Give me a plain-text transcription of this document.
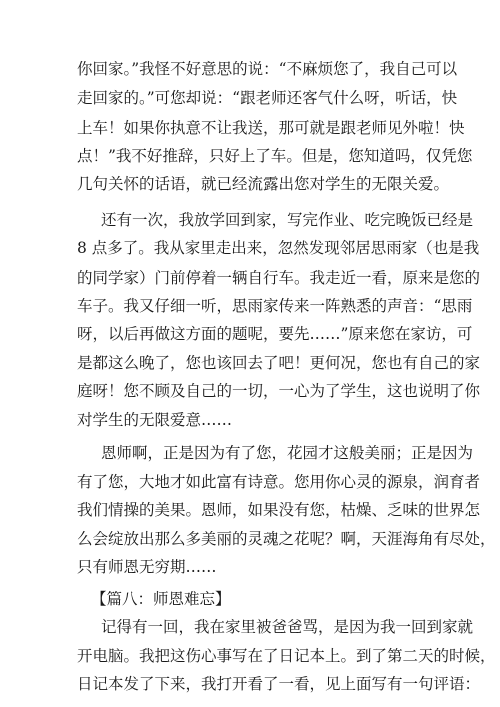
你回家。”我怪不好意思的说：“不麻烦您了，我自己可以
走回家的。”可您却说：“跟老师还客气什么呀，听话，快
上车！如果你执意不让我送，那可就是跟老师见外啦！快
点！”我不好推辞，只好上了车。但是，您知道吗，仅凭您
几句关怀的话语，就已经流露出您对学生的无限关爱。
还有一次，我放学回到家，写完作业、吃完晚饭已经是
8 点多了。我从家里走出来，忽然发现邻居思雨家（也是我
的同学家）门前停着一辆自行车。我走近一看，原来是您的
车子。我又仔细一听，思雨家传来一阵熟悉的声音：“思雨
呀，以后再做这方面的题呢，要先……”原来您在家访，可
是都这么晚了，您也该回去了吧！更何况，您也有自己的家
庭呀！您不顾及自己的一切，一心为了学生，这也说明了你
对学生的无限爱意……
恩师啊，正是因为有了您，花园才这般美丽；正是因为
有了您，大地才如此富有诗意。您用你心灵的源泉，润育者
我们情操的美果。恩师，如果没有您，枯燥、乏味的世界怎
么会绽放出那么多美丽的灵魂之花呢？啊，天涯海角有尽处，
只有师恩无穷期……
【篇八：师恩难忘】
记得有一回，我在家里被爸爸骂，是因为我一回到家就
开电脑。我把这伤心事写在了日记本上。到了第二天的时候，
日记本发了下来，我打开看了一看，见上面写有一句评语：
